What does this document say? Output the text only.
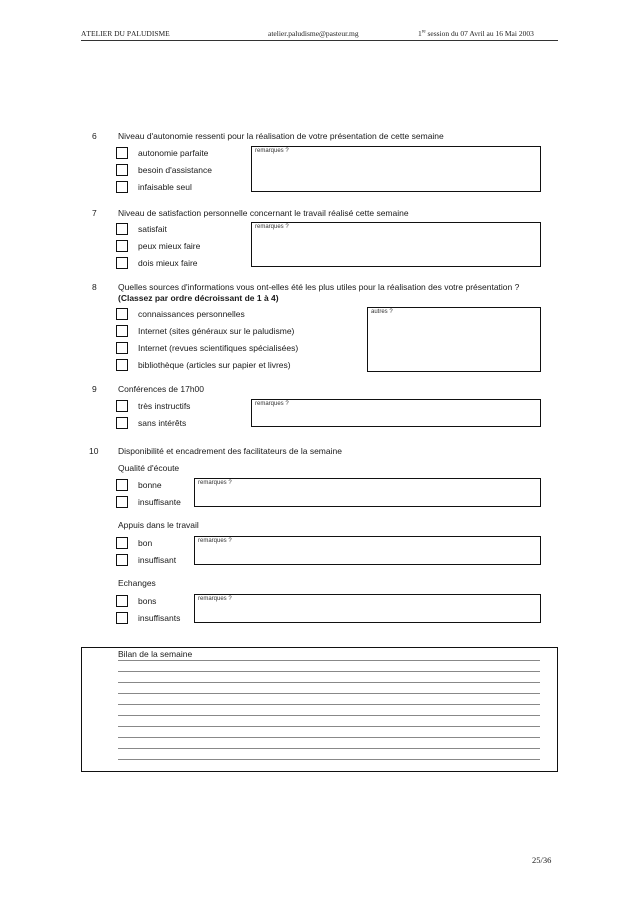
ATELIER DU PALUDISME	atelier.paludisme@pasteur.mg	1re session du 07 Avril au 16 Mai 2003
6	Niveau d'autonomie ressenti pour la réalisation de votre présentation de cette semaine
autonomie parfaite
besoin d'assistance
infaisable seul
remarques ?
7	Niveau de satisfaction personnelle concernant le travail réalisé cette semaine
satisfait
peux mieux faire
dois mieux faire
remarques ?
8	Quelles sources d'informations vous ont-elles été les plus utiles pour la réalisation des votre présentation ?
(Classez par ordre décroissant de 1 à 4)
connaissances personnelles
Internet (sites généraux sur le paludisme)
Internet (revues scientifiques spécialisées)
bibliothèque (articles sur papier et livres)
autres ?
9	Conférences de 17h00
très instructifs
sans intérêts
remarques ?
10 Disponibilité et encadrement des facilitateurs de la semaine
Qualité d'écoute
bonne
insuffisante
remarques ?
Appuis dans le travail
bon
insuffisant
remarques ?
Echanges
bons
insuffisants
remarques ?
Bilan de la semaine
25/36
